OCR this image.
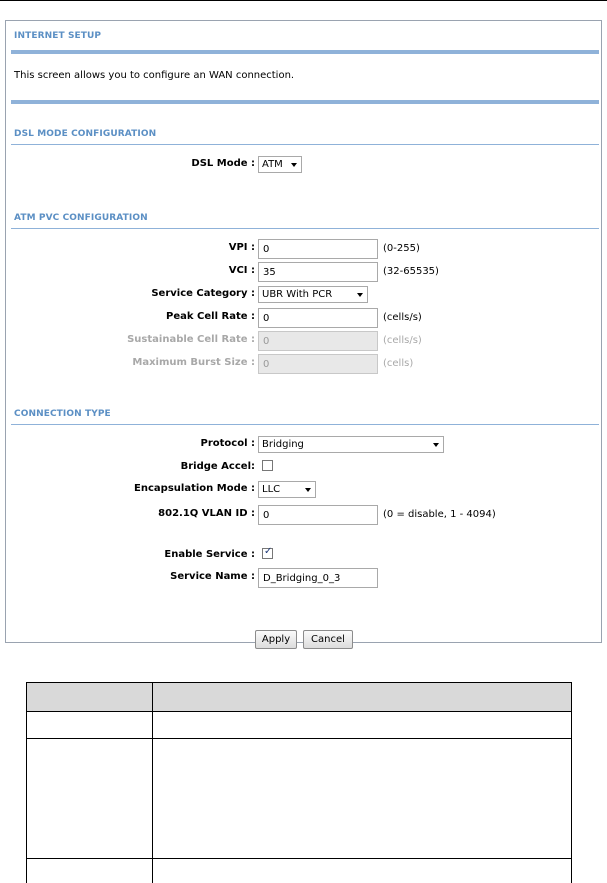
INTERNET SETUP
This screen allows you to configure an WAN connection.
DSL MODE CONFIGURATION
DSL Mode : ATM
ATM PVC CONFIGURATION
VPI : 0	(0-255)
VCI : 35	(32-65535)
Service Category : UBR With PCR
Peak Cell Rate : 0	(cells/s)
Sustainable Cell Rate : 0	(cells/s)
Maximum Burst Size : 0	(cells)
CONNECTION TYPE
Protocol : Bridging
Bridge Accel:
Encapsulation Mode : LLC
802.1Q VLAN ID : 0	(0 = disable, 1 - 4094)
Enable Service :
✓
Service Name : D_Bridging_0_3
Apply	Cancel
